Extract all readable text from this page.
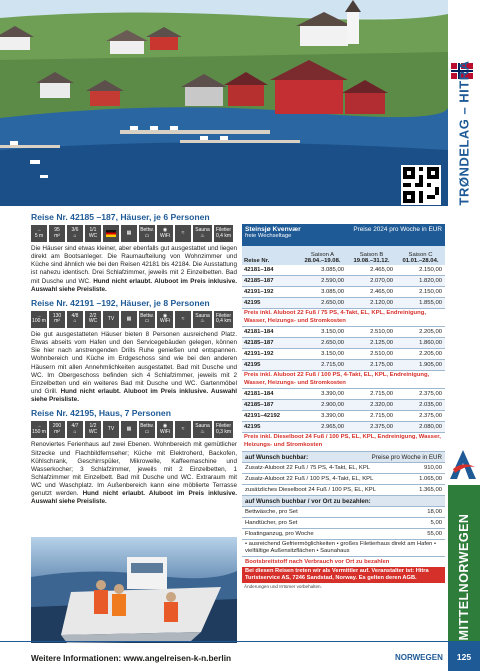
TRØNDELAG – HITRA
MITTELNORWEGEN
Reise Nr. 42185 –187, Häuser, je 6 Personen
→
5 m
95
m²
3/6
⌂
1/1
WC	▦ Bettw.
▭
◉
WiFi ≈ Sauna
♨
Filetier
0,4 km
Die Häuser sind etwas kleiner, aber ebenfalls gut ausgestattet und liegen direkt am Bootsanleger. Die Raumaufteilung von Wohnzimmer und Küche sind ähnlich wie bei den Reisen 42181 bis 42184. Die Ausstattung ist nahezu identisch. Drei Schlafzimmer, jeweils mit 2 Einzelbetten. Bad mit Dusche und WC. Hund nicht erlaubt. Aluboot im Preis inklusive. Auswahl siehe Preisliste.
Reise Nr. 42191 –192, Häuser, je 8 Personen
→
100 m
130
m²
4/8
⌂
2/2
WC TV ▦ Bettw.
▭
◉
WiFi ≈ Sauna
♨
Filetier
0,4 km
Die gut ausgestatteten Häuser bieten 8 Personen ausreichend Platz. Etwas abseits vom Hafen und den Servicegebäuden gelegen, können Sie hier nach anstrengenden Drills Ruhe genießen und entspannen. Wohnbereich und Küche im Erdgeschoss sind wie bei den anderen Häusern mit allen Annehmlichkeiten ausgestattet. Bad mit Dusche und WC. Im Obergeschoss befinden sich 4 Schlafzimmer, jeweils mit 2 Einzelbetten und ein weiteres Bad mit Dusche und WC. Gartenmöbel und Grill. Hund nicht erlaubt. Aluboot im Preis inklusive. Auswahl siehe Preisliste.
Reise Nr. 42195, Haus, 7 Personen
→
150 m
200
m²
4/7
⌂
1/2
WC TV ▦ Bettw.
▭
◉
WiFi ≈ Sauna
♨
Filetier
0,3 km
Renoviertes Ferienhaus auf zwei Ebenen. Wohnbereich mit gemütlicher Sitzecke und Flachbildfernseher; Küche mit Elektroherd, Backofen, Kühlschrank, Geschirrspüler, Mikrowelle, Kaffeemaschine und Wasserkocher; 3 Schlafzimmer, jeweils mit 2 Einzelbetten, 1 Schlafzimmer mit Einzelbett. Bad mit Dusche und WC. Extraraum mit WC und Waschplatz. Im Außenbereich kann eine möblierte Terrasse genutzt werden. Hund nicht erlaubt. Aluboot im Preis inklusive. Auswahl siehe Preisliste.
Steinsjø Kvenvær	Preise 2024 pro Woche in EUR
freie Wechseltage
Reise Nr.
Saison A
28.04.–19.08.
Saison B
19.08.–31.12.
Saison C
01.01.–28.04.
42181–184	3.085,00	2.465,00	2.150,00
42185–187	2.590,00	2.070,00	1.820,00
42191–192	3.085,00	2.465,00	2.150,00
42195	2.650,00	2.120,00	1.855,00
Preis inkl. Aluboot 22 Fuß / 75 PS, 4-Takt, EL, KPL, Endreinigung, Wasser, Heizungs- und Stromkosten
42181–184	3.150,00	2.510,00	2.205,00
42185–187	2.650,00	2.125,00	1.860,00
42191–192	3.150,00	2.510,00	2.205,00
42195	2.715,00	2.175,00	1.905,00
Preis inkl. Aluboot 22 Fuß / 100 PS, 4-Takt, EL, KPL, Endreinigung, Wasser, Heizungs- und Stromkosten
42181–184	3.390,00	2.715,00	2.375,00
42185–187	2.900,00	2.320,00	2.035,00
42191–42192	3.390,00	2.715,00	2.375,00
42195	2.965,00	2.375,00	2.080,00
Preis inkl. Dieselboot 24 Fuß / 100 PS, EL, KPL, Endreinigung, Wasser, Heizungs- und Stromkosten
auf Wunsch buchbar:	Preise pro Woche in EUR
Zusatz-Aluboot 22 Fuß / 75 PS, 4-Takt, EL, KPL	910,00
Zusatz-Aluboot 22 Fuß / 100 PS, 4-Takt, EL, KPL	1.065,00
zusätzliches Dieselboot 24 Fuß / 100 PS, EL, KPL	1.365,00
auf Wunsch buchbar / vor Ort zu bezahlen:
Bettwäsche, pro Set	18,00
Handtücher, pro Set	5,00
Floatinganzug, pro Woche	55,00
• ausreichend Gefriermöglichkeiten • großes Filetierhaus direkt am Hafen • vielfältige Außensitzflächen • Saunahaus
Bootsbreitstoff nach Verbrauch vor Ort zu bezahlen
Bei diesen Reisen treten wir als Vermittler auf. Veranstalter ist: Hitra Turistservice AS, 7246 Sandstad, Norway. Es gelten deren AGB.
Änderungen und Irrtümer vorbehalten.
Weitere Informationen: www.angelreisen-k-n.berlin	NORWEGEN	125
